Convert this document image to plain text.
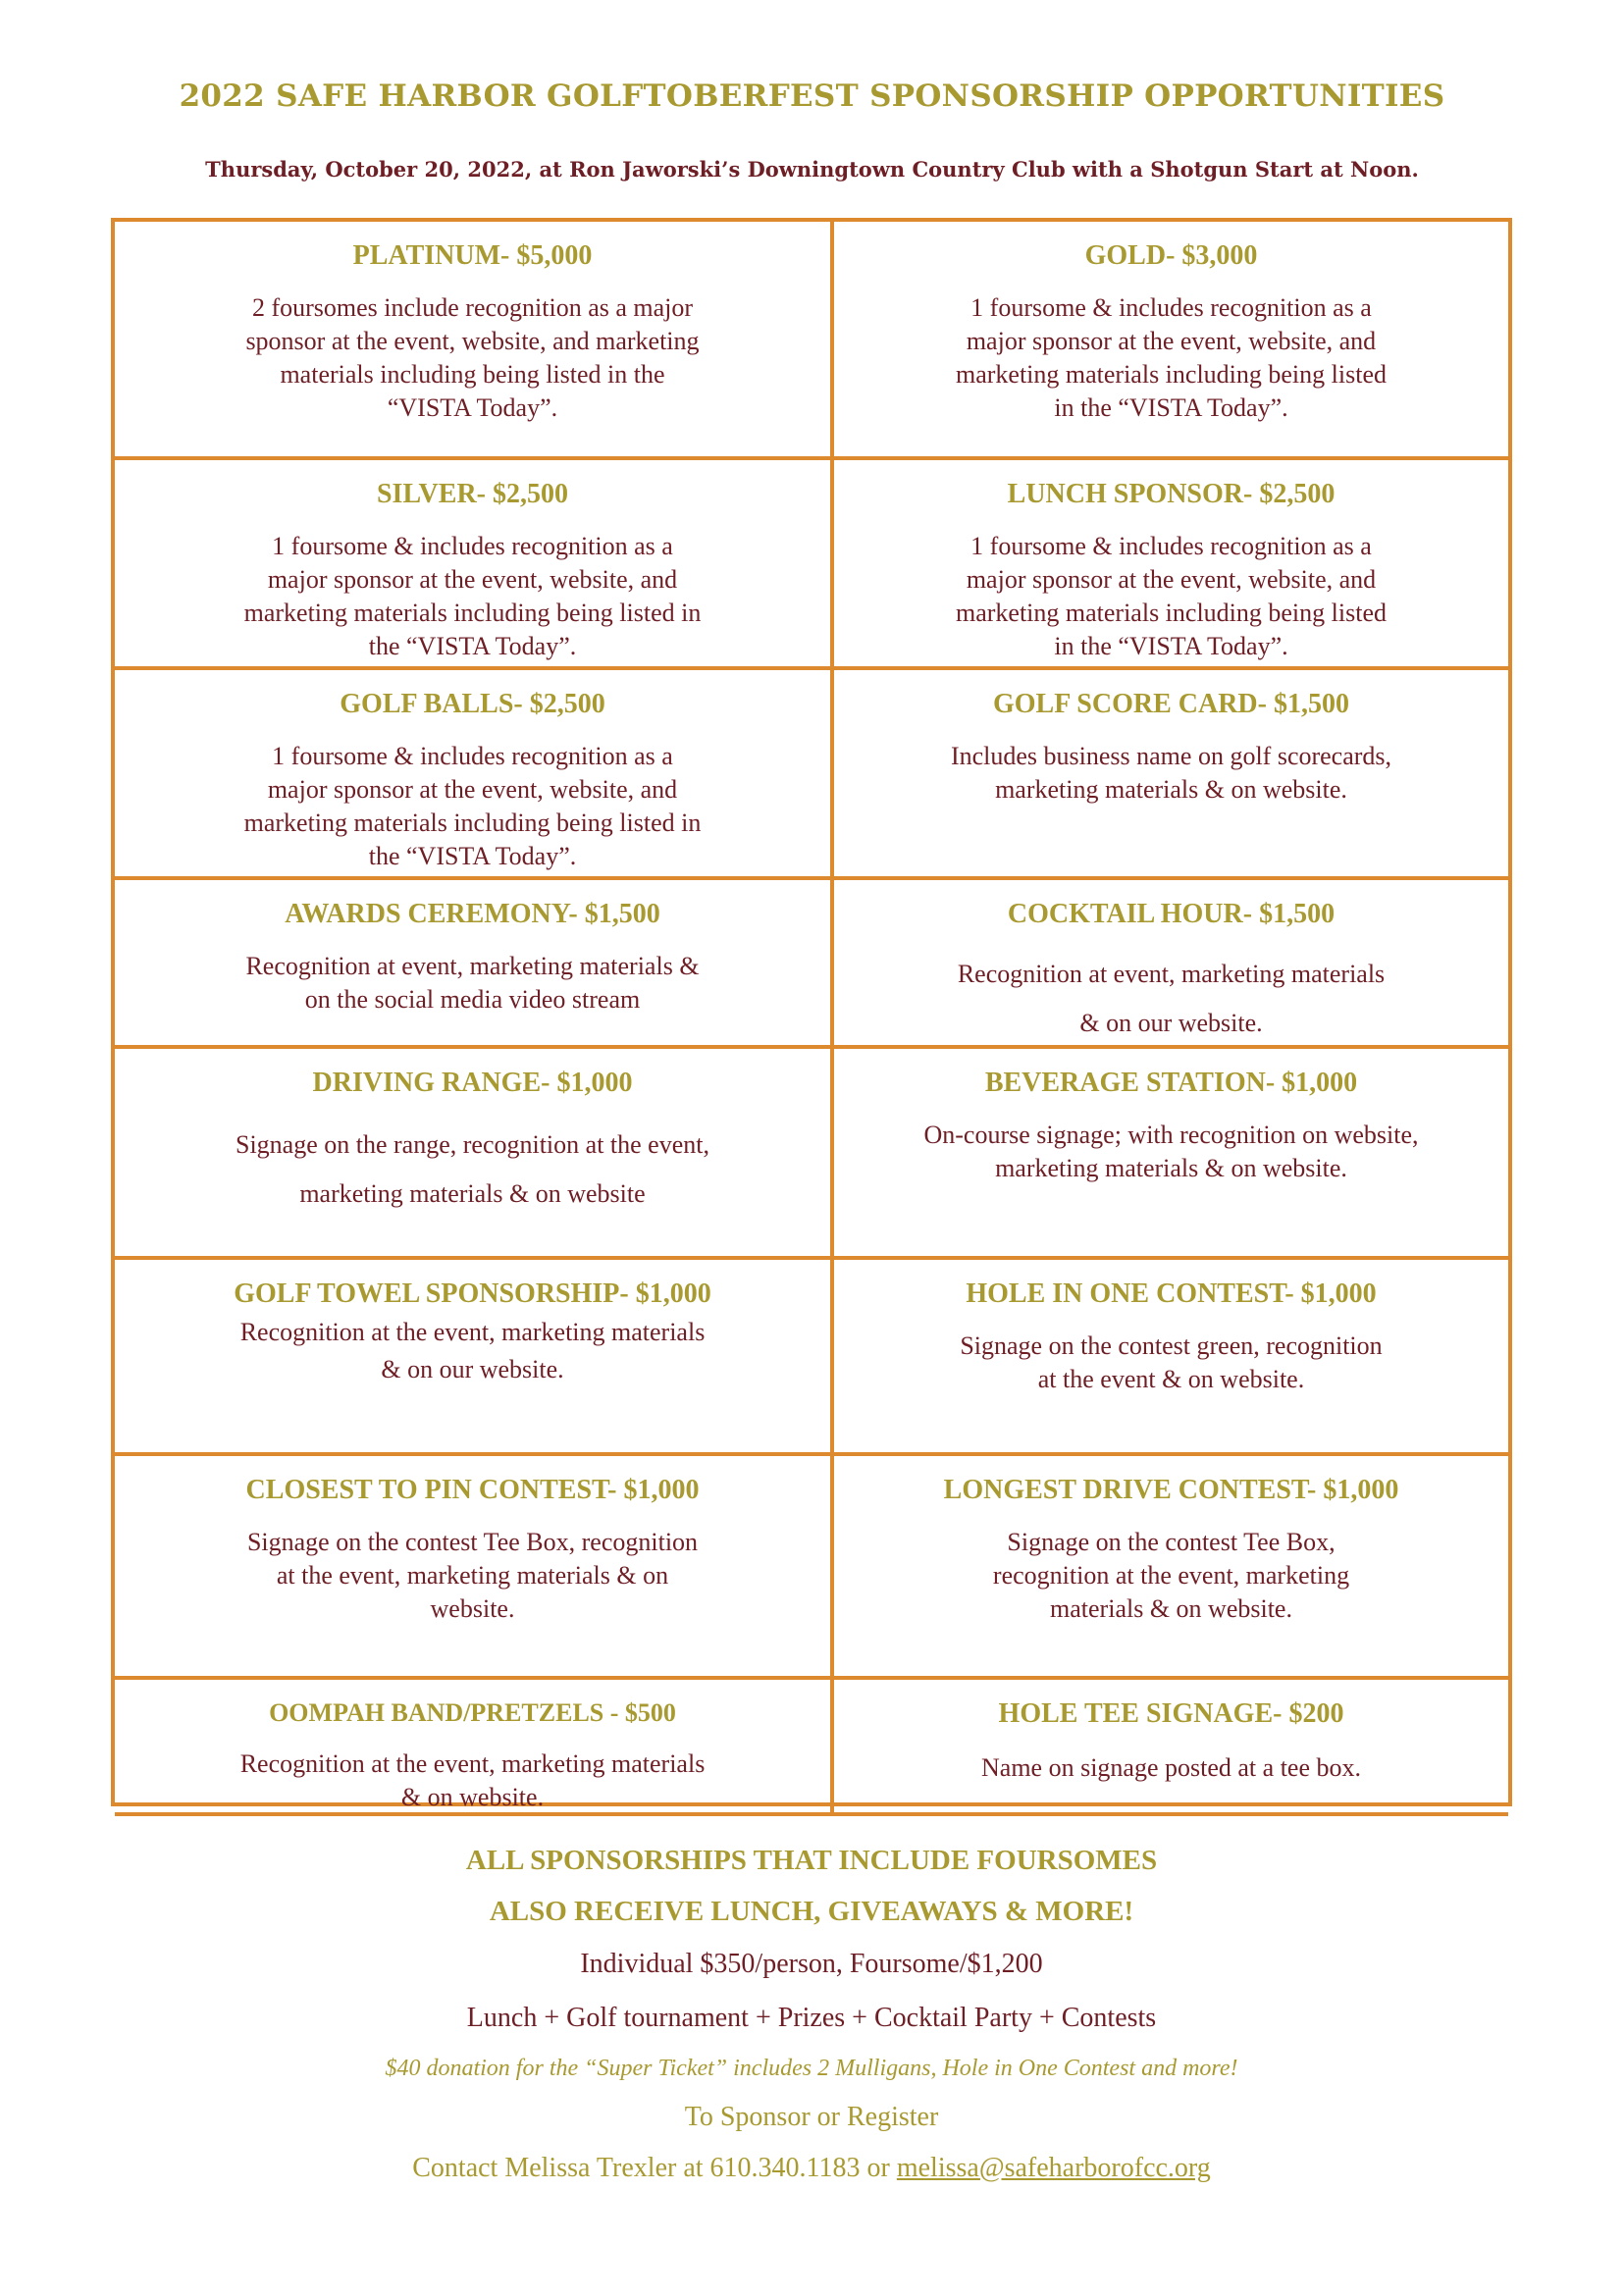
2022 SAFE HARBOR GOLFTOBERFEST SPONSORSHIP OPPORTUNITIES
Thursday, October 20, 2022, at Ron Jaworski’s Downingtown Country Club with a Shotgun Start at Noon.
PLATINUM- $5,000

2 foursomes include recognition as a major
sponsor at the event, website, and marketing
materials including being listed in the
“VISTA Today”.

GOLD- $3,000

1 foursome & includes recognition as a
major sponsor at the event, website, and
marketing materials including being listed
in the “VISTA Today”.

SILVER- $2,500

1 foursome & includes recognition as a
major sponsor at the event, website, and
marketing materials including being listed in
the “VISTA Today”.

LUNCH SPONSOR- $2,500

1 foursome & includes recognition as a
major sponsor at the event, website, and
marketing materials including being listed
in the “VISTA Today”.

GOLF BALLS- $2,500

1 foursome & includes recognition as a
major sponsor at the event, website, and
marketing materials including being listed in
the “VISTA Today”.

GOLF SCORE CARD- $1,500

Includes business name on golf scorecards,
marketing materials & on website.

AWARDS CEREMONY- $1,500

Recognition at event, marketing materials &
on the social media video stream

COCKTAIL HOUR- $1,500

Recognition at event, marketing materials
& on our website.

DRIVING RANGE- $1,000

Signage on the range, recognition at the event,
marketing materials & on website

BEVERAGE STATION- $1,000

On-course signage; with recognition on website,
marketing materials & on website.

GOLF TOWEL SPONSORSHIP- $1,000

Recognition at the event, marketing materials
& on our website.

HOLE IN ONE CONTEST- $1,000

Signage on the contest green, recognition
at the event & on website.

CLOSEST TO PIN CONTEST- $1,000

Signage on the contest Tee Box, recognition
at the event, marketing materials & on
website.

LONGEST DRIVE CONTEST- $1,000

Signage on the contest Tee Box,
recognition at the event, marketing
materials & on website.

OOMPAH BAND/PRETZELS - $500

Recognition at the event, marketing materials
& on website.

HOLE TEE SIGNAGE- $200

Name on signage posted at a tee box.

ALL SPONSORSHIPS THAT INCLUDE FOURSOMES
ALSO RECEIVE LUNCH, GIVEAWAYS & MORE!
Individual $350/person, Foursome/$1,200
Lunch + Golf tournament + Prizes + Cocktail Party + Contests
$40 donation for the “Super Ticket” includes 2 Mulligans, Hole in One Contest and more!
To Sponsor or Register
Contact Melissa Trexler at 610.340.1183 or melissa@safeharborofcc.org
